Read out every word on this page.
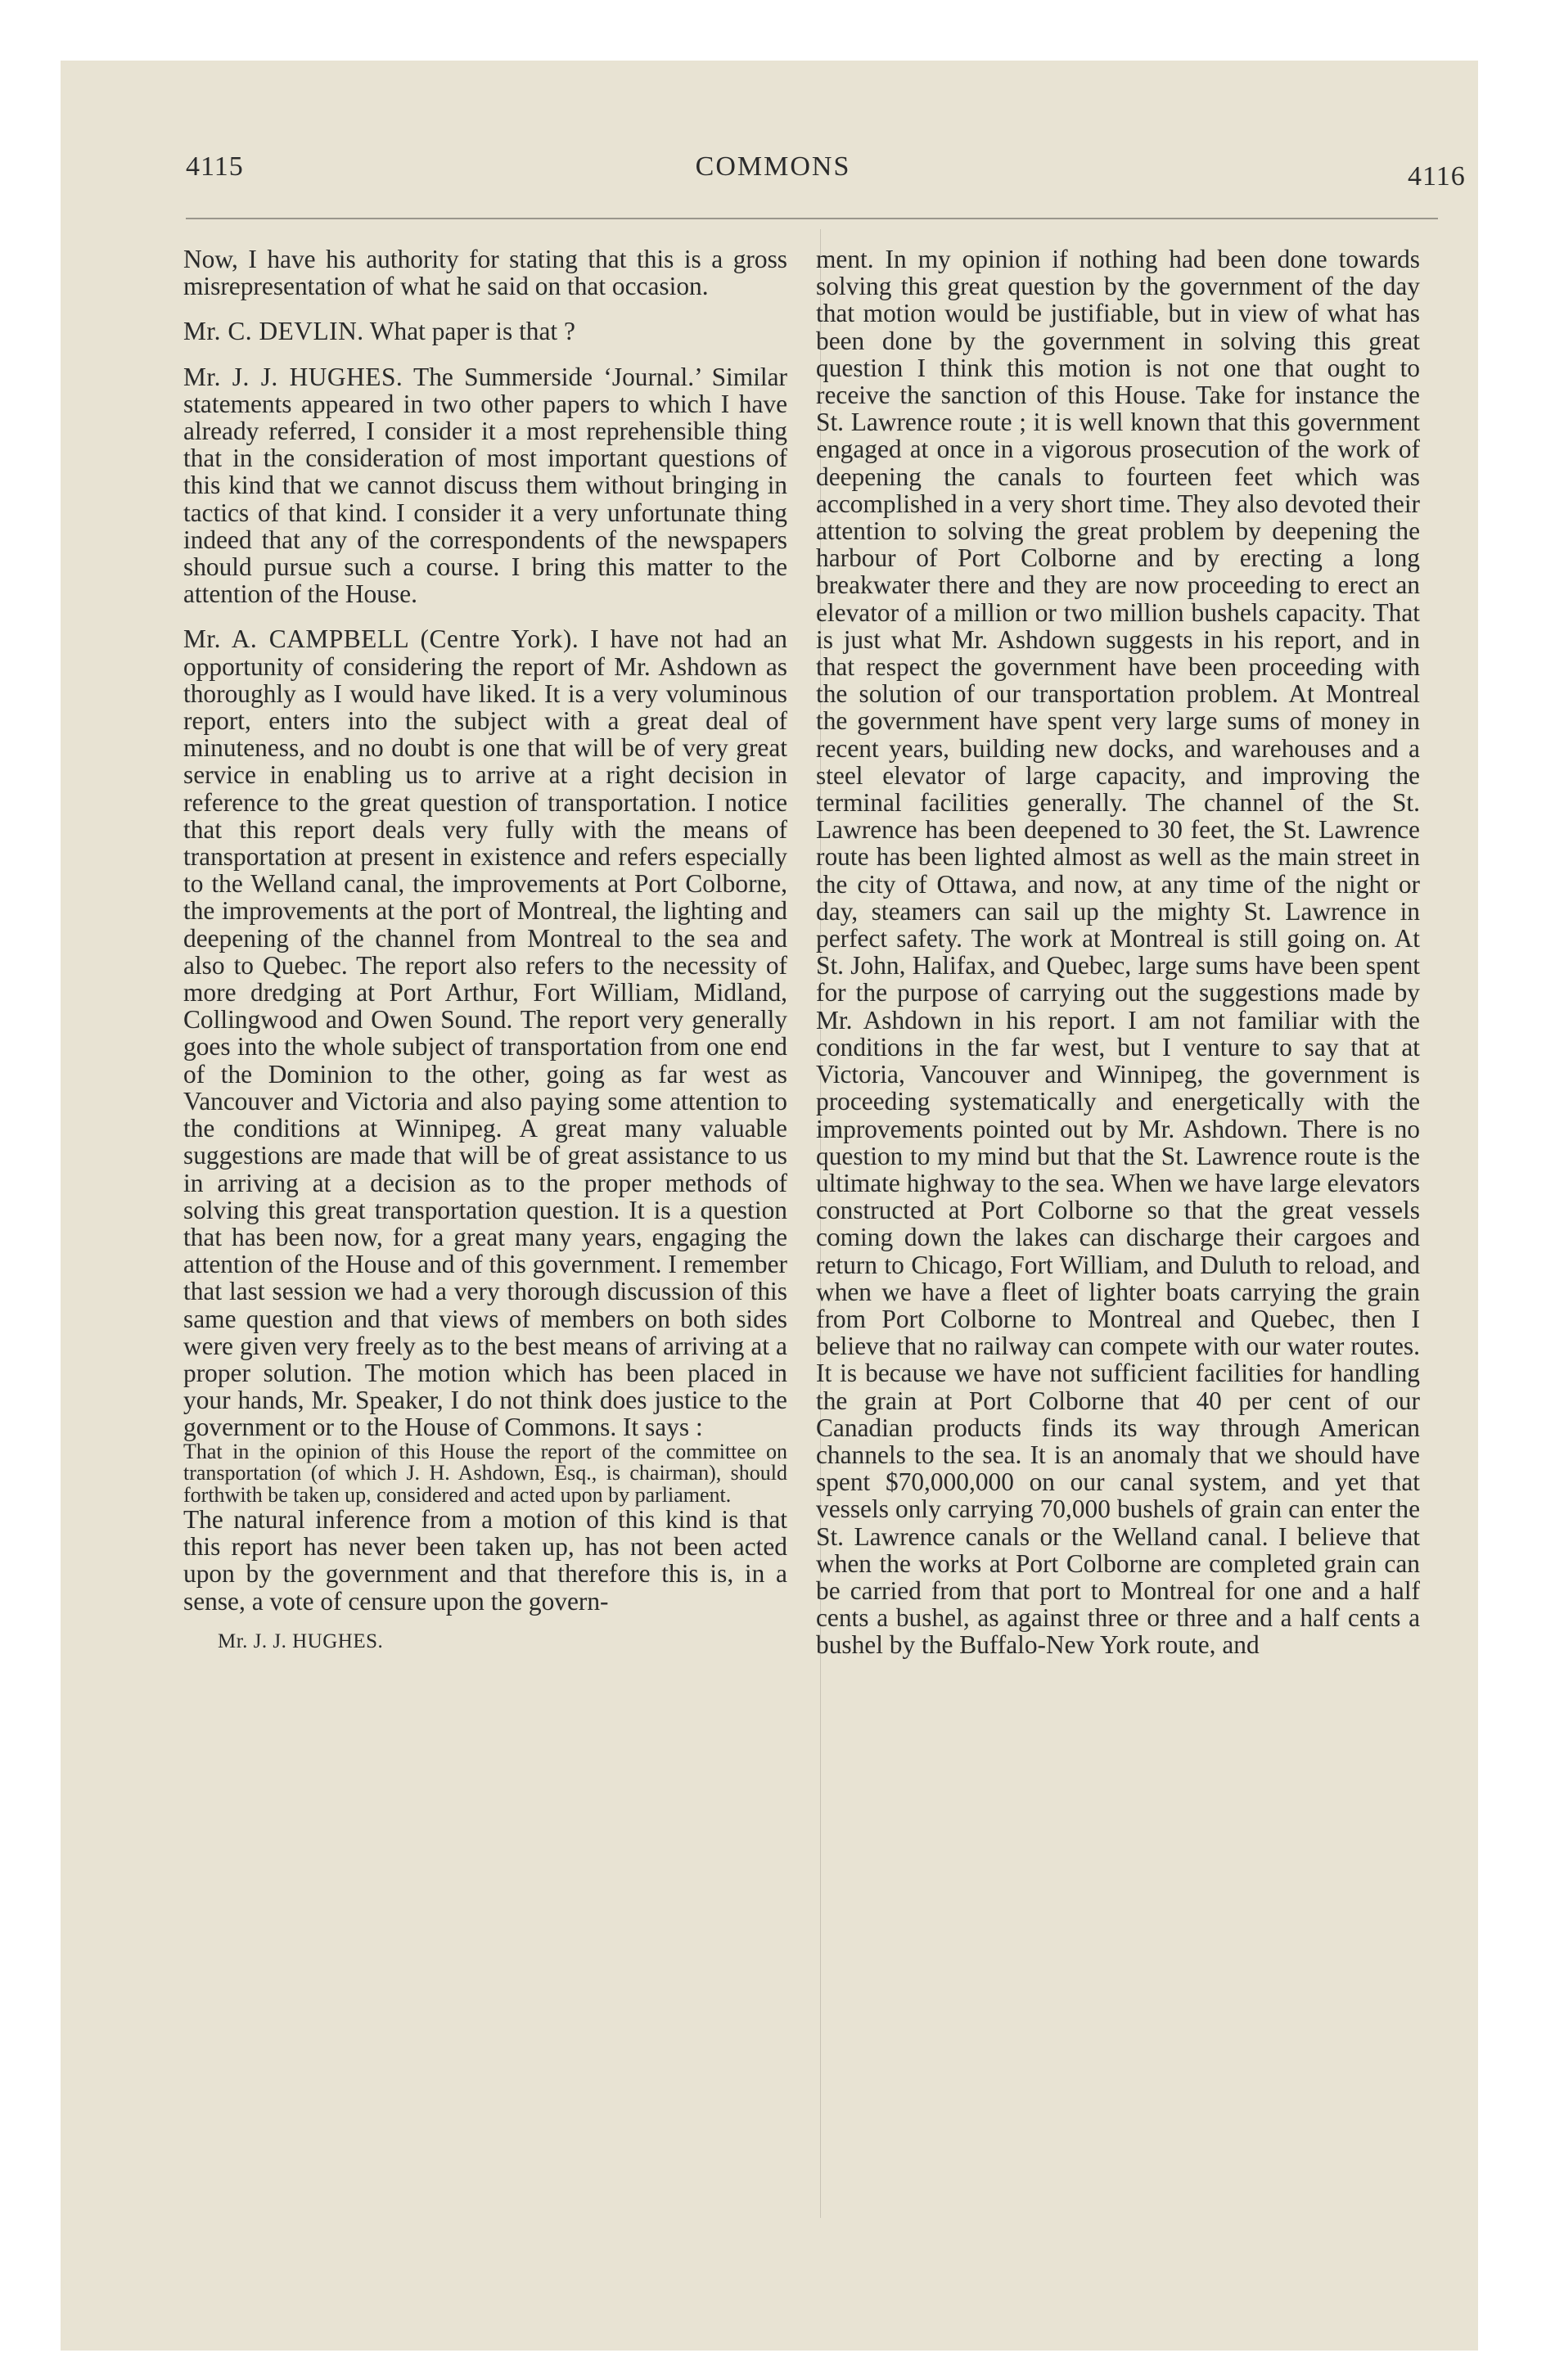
4115	COMMONS	4116

Now, I have his authority for stating that this is a gross misrepresentation of what he said on that occasion.

Mr. C. DEVLIN. What paper is that ?

Mr. J. J. HUGHES. The Summerside ‘Journal.’ Similar statements appeared in two other papers to which I have already referred, I consider it a most reprehensible thing that in the consideration of most important questions of this kind that we cannot discuss them without bringing in tactics of that kind. I consider it a very unfortunate thing indeed that any of the correspondents of the newspapers should pursue such a course. I bring this matter to the attention of the House.

Mr. A. CAMPBELL (Centre York). I have not had an opportunity of considering the report of Mr. Ashdown as thoroughly as I would have liked. It is a very voluminous report, enters into the subject with a great deal of minuteness, and no doubt is one that will be of very great service in enabling us to arrive at a right decision in reference to the great question of transportation. I notice that this report deals very fully with the means of transportation at present in existence and refers especially to the Welland canal, the improvements at Port Colborne, the improvements at the port of Montreal, the lighting and deepening of the channel from Montreal to the sea and also to Quebec. The report also refers to the necessity of more dredging at Port Arthur, Fort William, Midland, Collingwood and Owen Sound. The report very generally goes into the whole subject of transportation from one end of the Dominion to the other, going as far west as Vancouver and Victoria and also paying some attention to the conditions at Winnipeg. A great many valuable suggestions are made that will be of great assistance to us in arriving at a decision as to the proper methods of solving this great transportation question. It is a question that has been now, for a great many years, engaging the attention of the House and of this government. I remember that last session we had a very thorough discussion of this same question and that views of members on both sides were given very freely as to the best means of arriving at a proper solution. The motion which has been placed in your hands, Mr. Speaker, I do not think does justice to the government or to the House of Commons. It says :

That in the opinion of this House the report of the committee on transportation (of which J. H. Ashdown, Esq., is chairman), should forthwith be taken up, considered and acted upon by parliament.

The natural inference from a motion of this kind is that this report has never been taken up, has not been acted upon by the government and that therefore this is, in a sense, a vote of censure upon the govern-

Mr. J. J. HUGHES.

ment. In my opinion if nothing had been done towards solving this great question by the government of the day that motion would be justifiable, but in view of what has been done by the government in solving this great question I think this motion is not one that ought to receive the sanction of this House. Take for instance the St. Lawrence route ; it is well known that this government engaged at once in a vigorous prosecution of the work of deepening the canals to fourteen feet which was accomplished in a very short time. They also devoted their attention to solving the great problem by deepening the harbour of Port Colborne and by erecting a long breakwater there and they are now proceeding to erect an elevator of a million or two million bushels capacity. That is just what Mr. Ashdown suggests in his report, and in that respect the government have been proceeding with the solution of our transportation problem. At Montreal the government have spent very large sums of money in recent years, building new docks, and warehouses and a steel elevator of large capacity, and improving the terminal facilities generally. The channel of the St. Lawrence has been deepened to 30 feet, the St. Lawrence route has been lighted almost as well as the main street in the city of Ottawa, and now, at any time of the night or day, steamers can sail up the mighty St. Lawrence in perfect safety. The work at Montreal is still going on. At St. John, Halifax, and Quebec, large sums have been spent for the purpose of carrying out the suggestions made by Mr. Ashdown in his report. I am not familiar with the conditions in the far west, but I venture to say that at Victoria, Vancouver and Winnipeg, the government is proceeding systematically and energetically with the improvements pointed out by Mr. Ashdown. There is no question to my mind but that the St. Lawrence route is the ultimate highway to the sea. When we have large elevators constructed at Port Colborne so that the great vessels coming down the lakes can discharge their cargoes and return to Chicago, Fort William, and Duluth to reload, and when we have a fleet of lighter boats carrying the grain from Port Colborne to Montreal and Quebec, then I believe that no railway can compete with our water routes. It is because we have not sufficient facilities for handling the grain at Port Colborne that 40 per cent of our Canadian products finds its way through American channels to the sea. It is an anomaly that we should have spent $70,000,000 on our canal system, and yet that vessels only carrying 70,000 bushels of grain can enter the St. Lawrence canals or the Welland canal. I believe that when the works at Port Colborne are completed grain can be carried from that port to Montreal for one and a half cents a bushel, as against three or three and a half cents a bushel by the Buffalo-New York route, and
